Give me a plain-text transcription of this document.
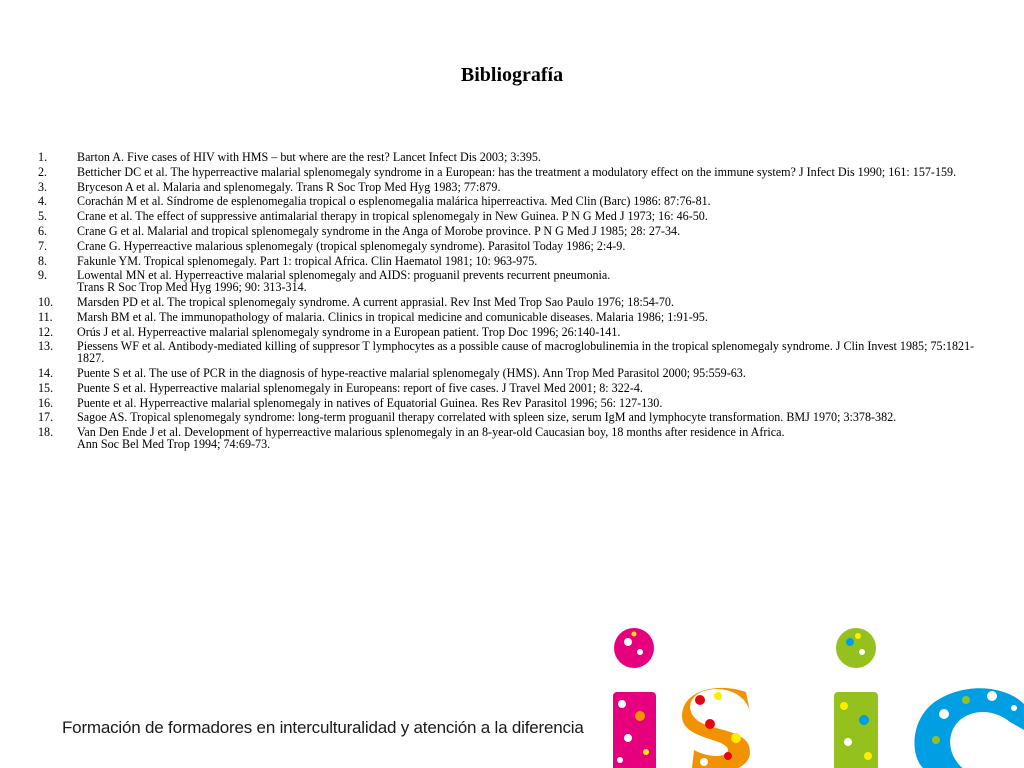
Bibliografía
1.	Barton A. Five cases of HIV with HMS – but where are the rest? Lancet Infect Dis 2003; 3:395.
2.	Betticher DC et al. The hyperreactive malarial splenomegaly syndrome in a European: has the treatment a modulatory effect on the immune system? J Infect Dis 1990; 161: 157-159.
3.	Bryceson A et al. Malaria and splenomegaly. Trans R Soc Trop Med Hyg 1983; 77:879.
4.	Corachán M et al. Síndrome de esplenomegalia tropical o esplenomegalia malárica hiperreactiva. Med Clin (Barc) 1986: 87:76-81.
5.	Crane et al. The effect of suppressive antimalarial therapy in tropical splenomegaly in New Guinea. P N G Med J 1973; 16: 46-50.
6.	Crane G et al. Malarial and tropical splenomegaly syndrome in the Anga of Morobe province. P N G Med J 1985; 28: 27-34.
7.	Crane G. Hyperreactive malarious splenomegaly (tropical splenomegaly syndrome). Parasitol Today 1986; 2:4-9.
8.	Fakunle YM. Tropical splenomegaly. Part 1: tropical Africa. Clin Haematol 1981; 10: 963-975.
9.	Lowental MN et al. Hyperreactive malarial splenomegaly and AIDS: proguanil prevents recurrent pneumonia.
Trans R Soc Trop Med Hyg 1996; 90: 313-314.
10.	Marsden PD et al. The tropical splenomegaly syndrome. A current apprasial. Rev Inst Med Trop Sao Paulo 1976; 18:54-70.
11.	Marsh BM et al. The immunopathology of malaria. Clinics in tropical medicine and comunicable diseases. Malaria 1986; 1:91-95.
12.	Orús J et al. Hyperreactive malarial splenomegaly syndrome in a European patient. Trop Doc 1996; 26:140-141.
13.	Piessens WF et al. Antibody-mediated killing of suppresor T lymphocytes as a possible cause of macroglobulinemia in the tropical splenomegaly syndrome. J Clin Invest 1985; 75:1821-1827.
14.	Puente S et al. The use of PCR in the diagnosis of hype-reactive malarial splenomegaly (HMS). Ann Trop Med Parasitol 2000; 95:559-63.
15.	Puente S et al. Hyperreactive malarial splenomegaly in Europeans: report of five cases. J Travel Med 2001; 8: 322-4.
16.	Puente et al. Hyperreactive malarial splenomegaly in natives of Equatorial Guinea. Res Rev Parasitol 1996; 56: 127-130.
17.	Sagoe AS. Tropical splenomegaly syndrome: long-term proguanil therapy correlated with spleen size, serum IgM and lymphocyte transformation. BMJ 1970; 3:378-382.
18.	Van Den Ende J et al. Development of hyperreactive malarious splenomegaly in an 8-year-old Caucasian boy, 18 months after residence in Africa.
Ann Soc Bel Med Trop 1994; 74:69-73.
Formación de formadores en interculturalidad y atención a la diferencia
